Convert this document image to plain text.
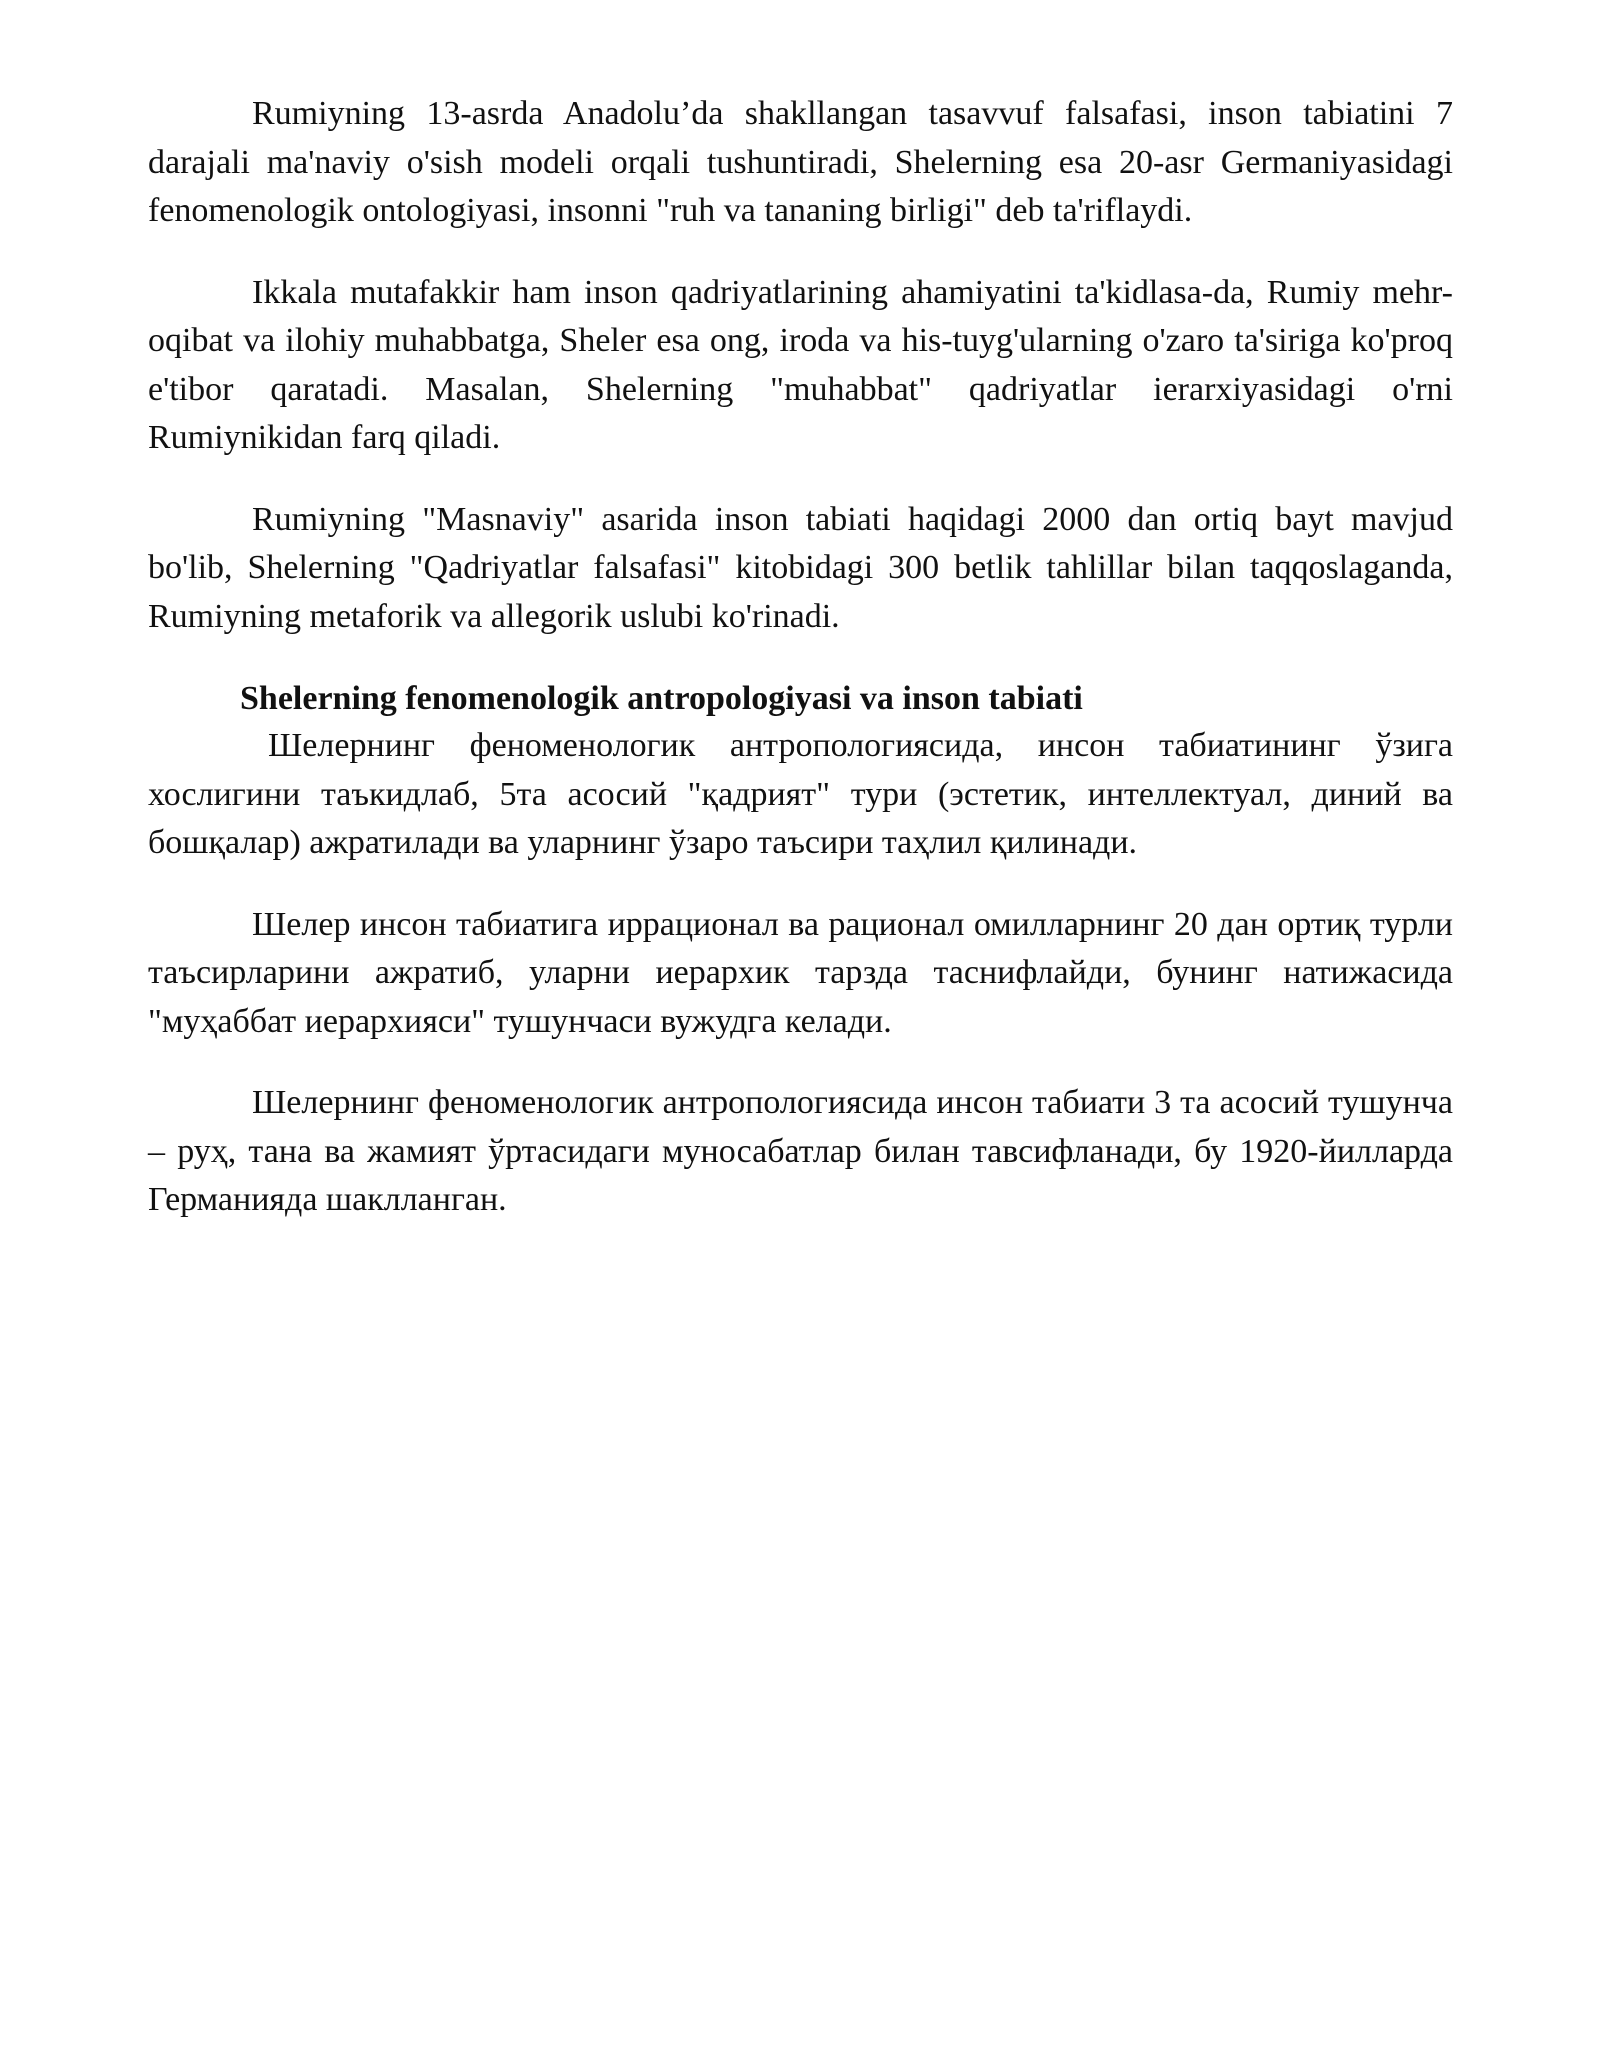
Rumiyning 13-asrda Anadolu’da shakllangan tasavvuf falsafasi, inson tabiatini 7 darajali ma'naviy o'sish modeli orqali tushuntiradi, Shelerning esa 20-asr Germaniyasidagi fenomenologik ontologiyasi, insonni "ruh va tananing birligi" deb ta'riflaydi.

Ikkala mutafakkir ham inson qadriyatlarining ahamiyatini ta'kidlasa-da, Rumiy mehr-oqibat va ilohiy muhabbatga, Sheler esa ong, iroda va his-tuyg'ularning o'zaro ta'siriga ko'proq e'tibor qaratadi. Masalan, Shelerning "muhabbat" qadriyatlar ierarxiyasidagi o'rni Rumiynikidan farq qiladi.

Rumiyning "Masnaviy" asarida inson tabiati haqidagi 2000 dan ortiq bayt mavjud bo'lib, Shelerning "Qadriyatlar falsafasi" kitobidagi 300 betlik tahlillar bilan taqqoslaganda, Rumiyning metaforik va allegorik uslubi ko'rinadi.

Shelerning fenomenologik antropologiyasi va inson tabiati

Шелернинг феноменологик антропологиясида, инсон табиатининг ўзига хослигини таъкидлаб, 5та асосий "қадрият" тури (эстетик, интеллектуал, диний ва бошқалар) ажратилади ва уларнинг ўзаро таъсири таҳлил қилинади.

Шелер инсон табиатига иррационал ва рационал омилларнинг 20 дан ортиқ турли таъсирларини ажратиб, уларни иерархик тарзда таснифлайди, бунинг натижасида "муҳаббат иерархияси" тушунчаси вужудга келади.

Шелернинг феноменологик антропологиясида инсон табиати 3 та асосий тушунча – руҳ, тана ва жамият ўртасидаги муносабатлар билан тавсифланади, бу 1920-йилларда Германияда шаклланган.
